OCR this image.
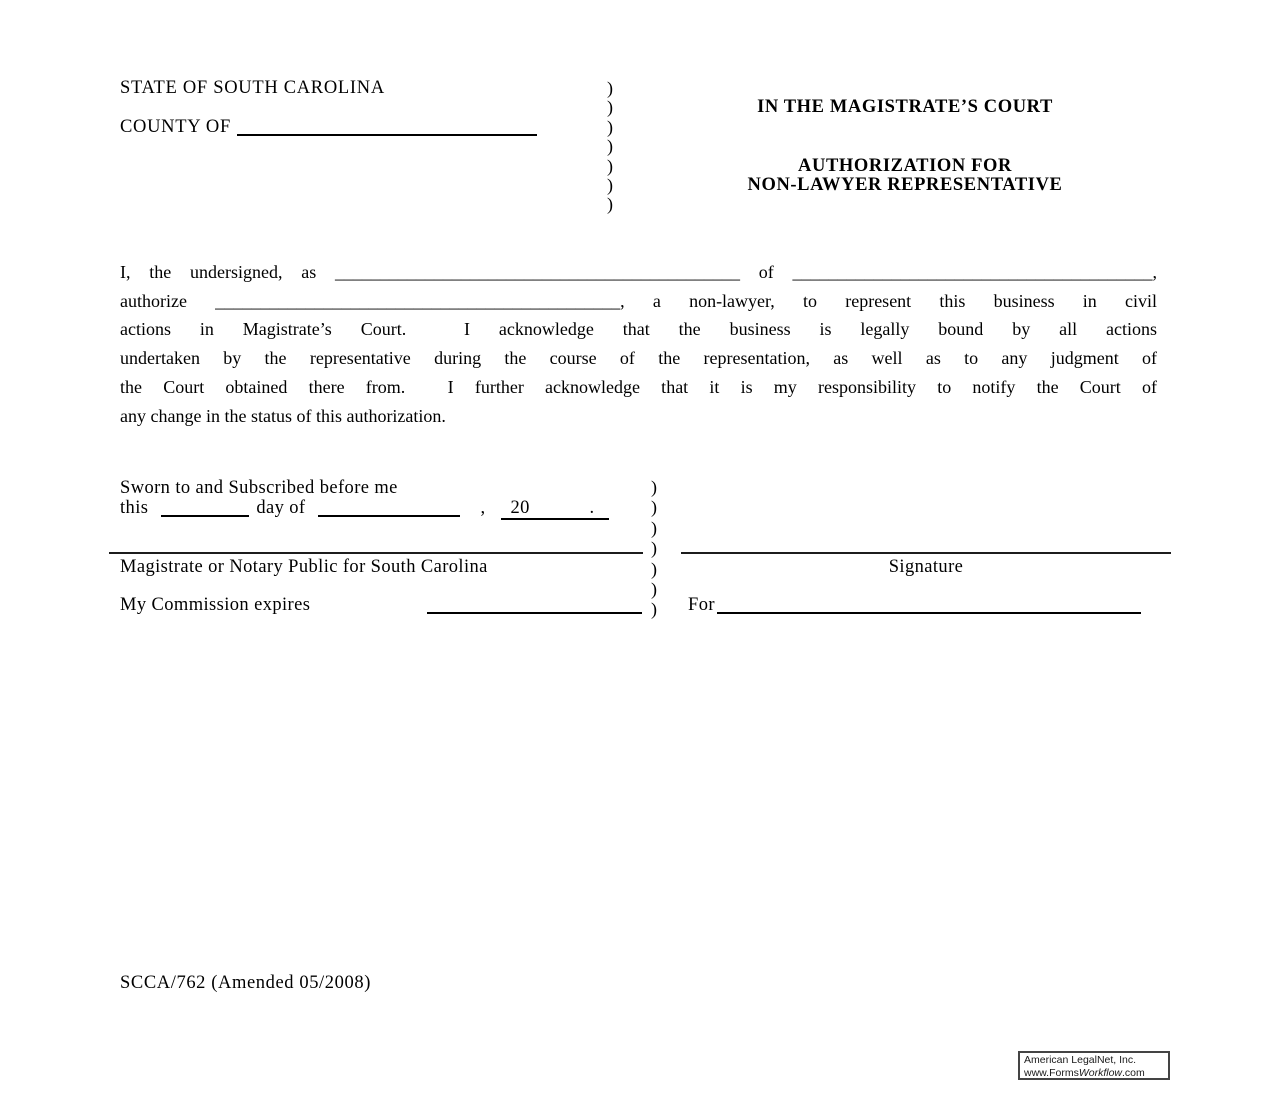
STATE OF SOUTH CAROLINA
COUNTY OF
)
)
)
)
)
)
)
IN THE MAGISTRATE’S COURT
AUTHORIZATION FOR
NON-LAWYER REPRESENTATIVE
I, the undersigned, as _____________________________________________ of ________________________________________,
authorize _____________________________________________, a non-lawyer, to represent this business in civil
actions in Magistrate’s Court.  I acknowledge that the business is legally bound by all actions
undertaken by the representative during the course of the representation, as well as to any judgment of
the Court obtained there from.  I further acknowledge that it is my responsibility to notify the Court of
any change in the status of this authorization.
Sworn to and Subscribed before me
this	day of	, 20	.
)
)
)
)
)
)
)
Magistrate or Notary Public for South Carolina
My Commission expires
Signature
For
SCCA/762 (Amended 05/2008)
American LegalNet, Inc.
www.FormsWorkflow.com
